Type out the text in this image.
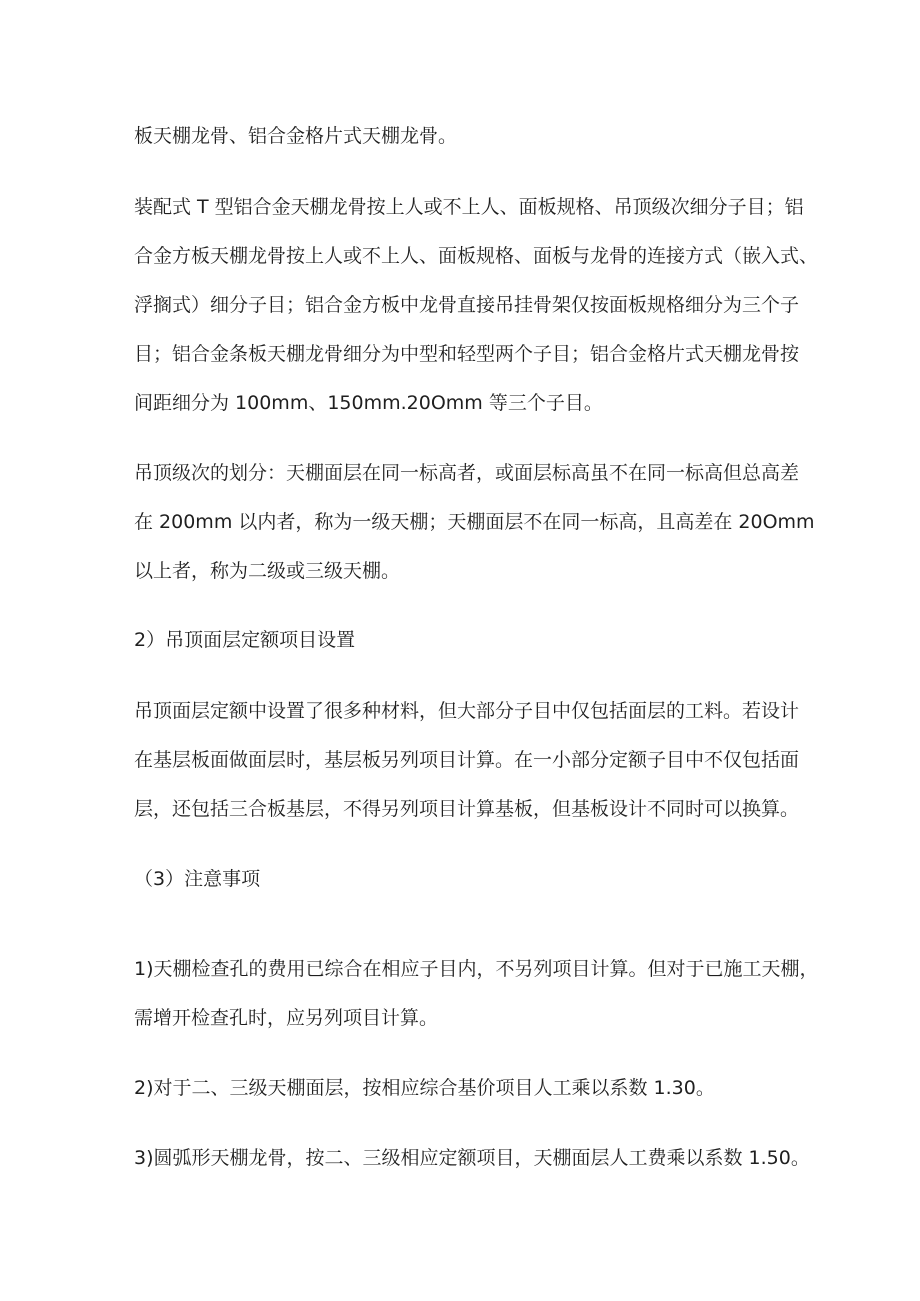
板天棚龙骨、铝合金格片式天棚龙骨。

装配式 T 型铝合金天棚龙骨按上人或不上人、面板规格、吊顶级次细分子目；铝

合金方板天棚龙骨按上人或不上人、面板规格、面板与龙骨的连接方式（嵌入式、

浮搁式）细分子目；铝合金方板中龙骨直接吊挂骨架仅按面板规格细分为三个子

目；铝合金条板天棚龙骨细分为中型和轻型两个子目；铝合金格片式天棚龙骨按

间距细分为 100mm、150mm.20Omm 等三个子目。

吊顶级次的划分：天棚面层在同一标高者，或面层标高虽不在同一标高但总高差

在 200mm 以内者，称为一级天棚；天棚面层不在同一标高，且高差在 20Omm

以上者，称为二级或三级天棚。

2）吊顶面层定额项目设置

吊顶面层定额中设置了很多种材料，但大部分子目中仅包括面层的工料。若设计

在基层板面做面层时，基层板另列项目计算。在一小部分定额子目中不仅包括面

层，还包括三合板基层，不得另列项目计算基板，但基板设计不同时可以换算。

（3）注意事项

1)天棚检查孔的费用已综合在相应子目内，不另列项目计算。但对于已施工天棚，

需增开检查孔时，应另列项目计算。

2)对于二、三级天棚面层，按相应综合基价项目人工乘以系数 1.30。

3)圆弧形天棚龙骨，按二、三级相应定额项目，天棚面层人工费乘以系数 1.50。
